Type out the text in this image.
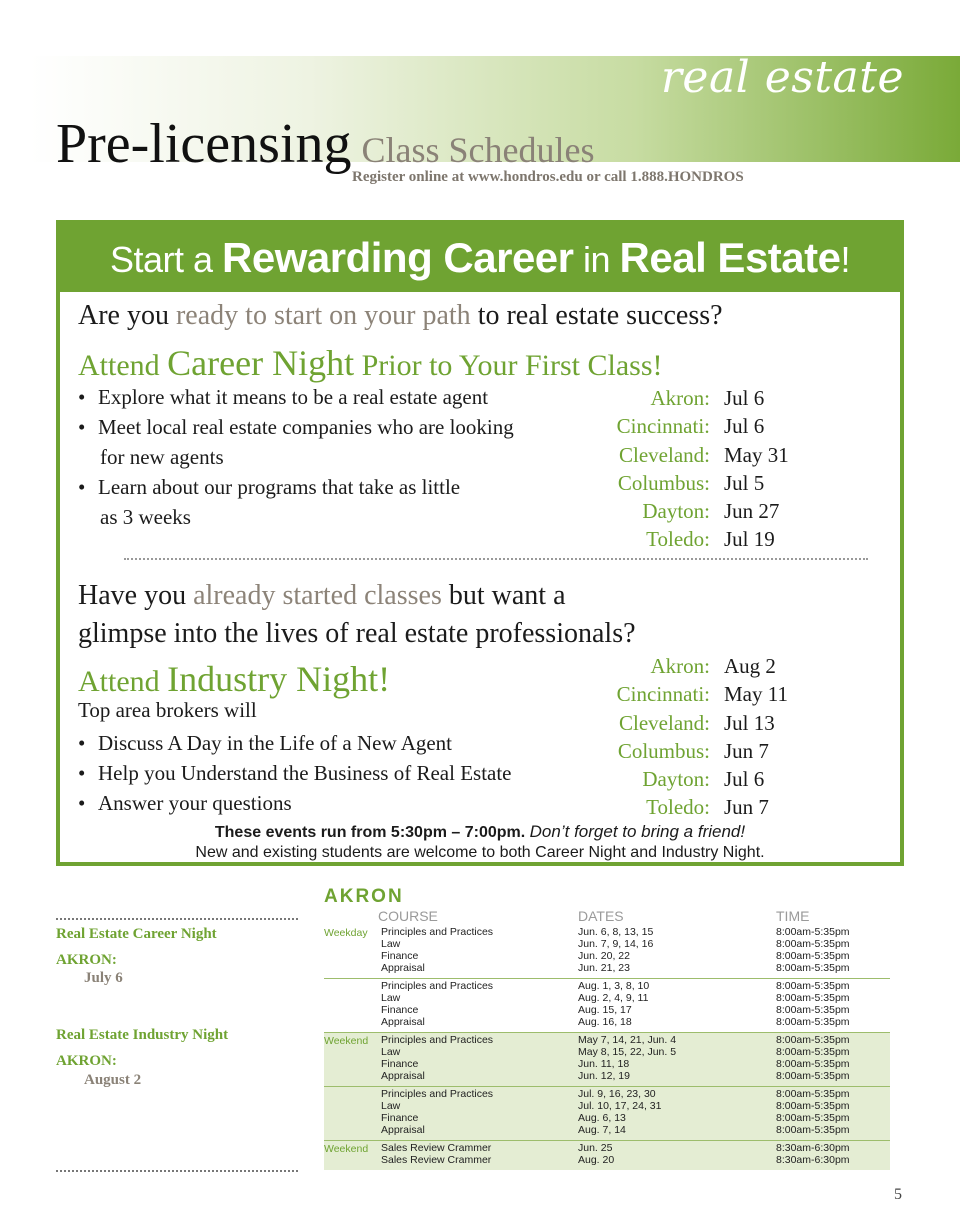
real estate
Pre-licensing Class Schedules
Register online at www.hondros.edu or call 1.888.HONDROS
Start a Rewarding Career in Real Estate!
Are you ready to start on your path to real estate success?
Attend Career Night Prior to Your First Class!
• Explore what it means to be a real estate agent
• Meet local real estate companies who are looking
for new agents
• Learn about our programs that take as little
as 3 weeks
Akron: Jul 6
Cincinnati: Jul 6
Cleveland: May 31
Columbus: Jul 5
Dayton: Jun 27
Toledo: Jul 19
Have you already started classes but want a
glimpse into the lives of real estate professionals?
Attend Industry Night!
Top area brokers will
• Discuss A Day in the Life of a New Agent
• Help you Understand the Business of Real Estate
• Answer your questions
Akron: Aug 2
Cincinnati: May 11
Cleveland: Jul 13
Columbus: Jun 7
Dayton: Jul 6
Toledo: Jun 7
These events run from 5:30pm – 7:00pm. Don’t forget to bring a friend!
New and existing students are welcome to both Career Night and Industry Night.
Real Estate Career Night
AKRON:
July 6
Real Estate Industry Night
AKRON:
August 2
AKRON
COURSE	DATES	TIME
Weekday Principles and Practices	Jun. 6, 8, 13, 15	8:00am-5:35pm
Law	Jun. 7, 9, 14, 16	8:00am-5:35pm
Finance	Jun. 20, 22	8:00am-5:35pm
Appraisal	Jun. 21, 23	8:00am-5:35pm
Principles and Practices	Aug. 1, 3, 8, 10	8:00am-5:35pm
Law	Aug. 2, 4, 9, 11	8:00am-5:35pm
Finance	Aug. 15, 17	8:00am-5:35pm
Appraisal	Aug. 16, 18	8:00am-5:35pm
Weekend Principles and Practices	May 7, 14, 21, Jun. 4	8:00am-5:35pm
Law	May 8, 15, 22, Jun. 5	8:00am-5:35pm
Finance	Jun. 11, 18	8:00am-5:35pm
Appraisal	Jun. 12, 19	8:00am-5:35pm
Principles and Practices	Jul. 9, 16, 23, 30	8:00am-5:35pm
Law	Jul. 10, 17, 24, 31	8:00am-5:35pm
Finance	Aug. 6, 13	8:00am-5:35pm
Appraisal	Aug. 7, 14	8:00am-5:35pm
Weekend Sales Review Crammer	Jun. 25	8:30am-6:30pm
Sales Review Crammer	Aug. 20	8:30am-6:30pm
5
